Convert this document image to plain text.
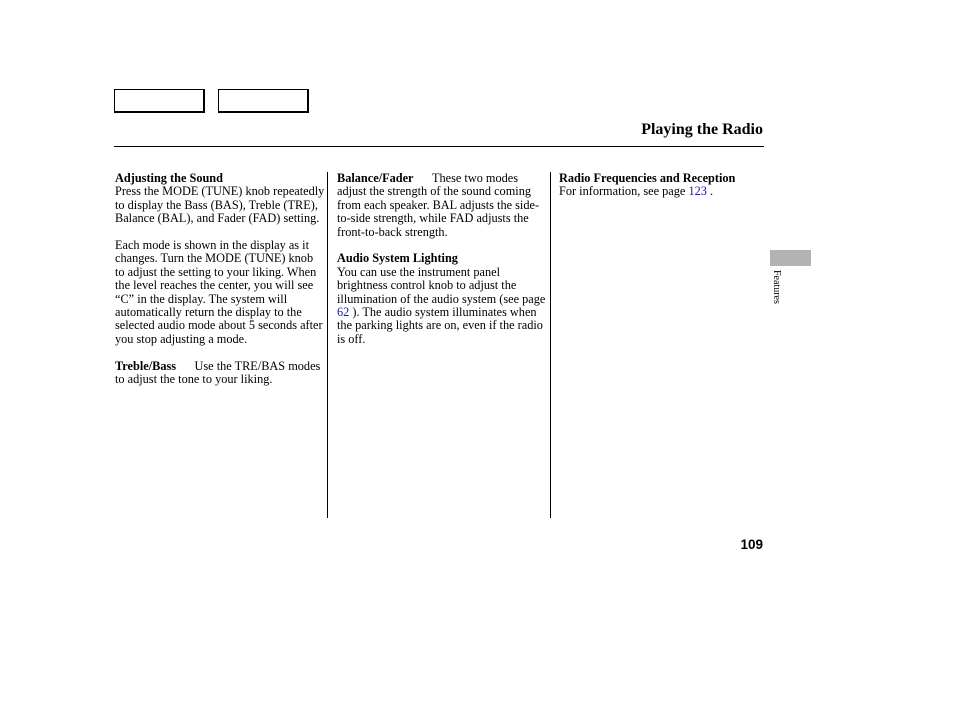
Playing the Radio
Adjusting the Sound

Press the MODE (TUNE) knob repeatedly to display the Bass (BAS), Treble (TRE), Balance (BAL), and Fader (FAD) setting.

Each mode is shown in the display as it changes. Turn the MODE (TUNE) knob to adjust the setting to your liking. When the level reaches the center, you will see “C” in the display. The system will automatically return the display to the selected audio mode about 5 seconds after you stop adjusting a mode.

Treble/Bass   Use the TRE/BAS modes to adjust the tone to your liking.

Balance/Fader   These two modes adjust the strength of the sound coming from each speaker. BAL adjusts the side-to-side strength, while FAD adjusts the front-to-back strength.

Audio System Lighting

You can use the instrument panel brightness control knob to adjust the illumination of the audio system (see page 62 ). The audio system illuminates when the parking lights are on, even if the radio is off.

Radio Frequencies and Reception

For information, see page 123 .

Features
109
